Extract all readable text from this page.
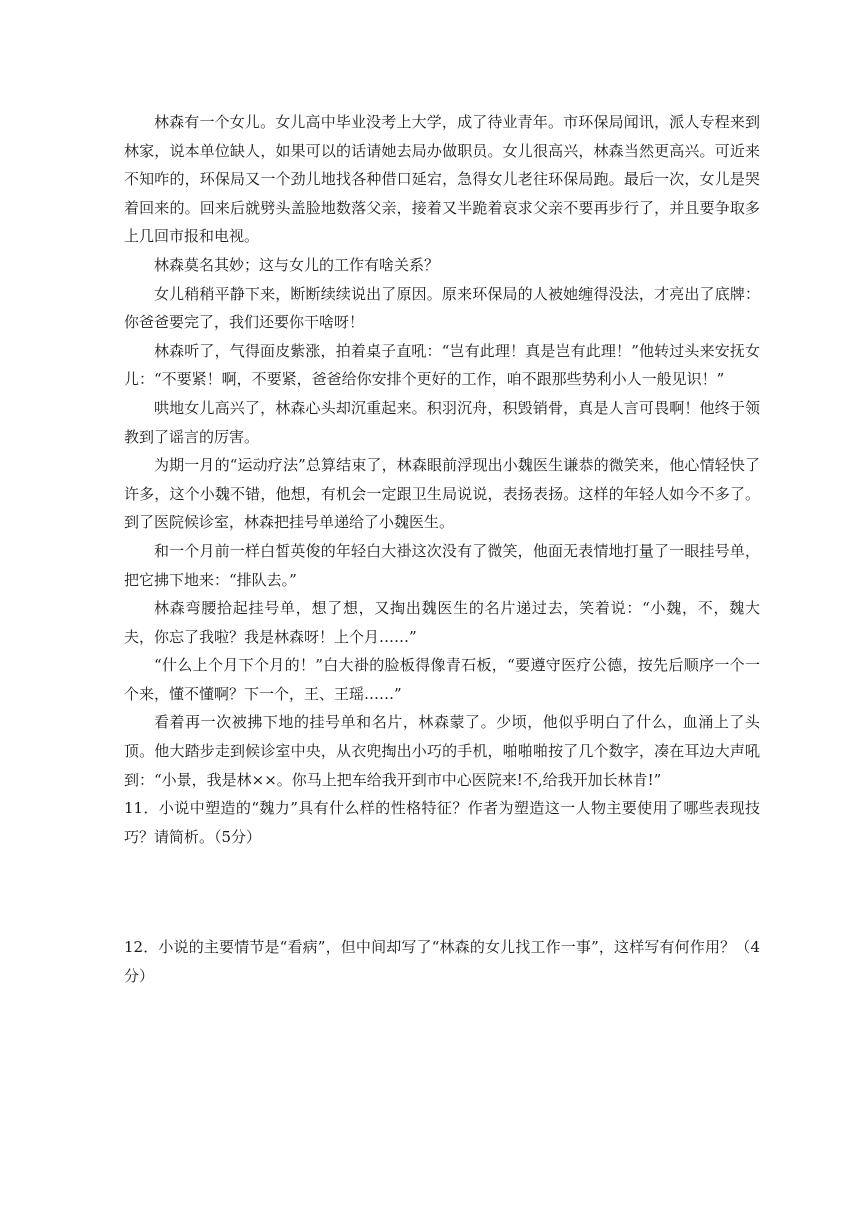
林森有一个女儿。女儿高中毕业没考上大学，成了待业青年。市环保局闻讯，派人专程来到林家，说本单位缺人，如果可以的话请她去局办做职员。女儿很高兴，林森当然更高兴。可近来不知咋的，环保局又一个劲儿地找各种借口延宕，急得女儿老往环保局跑。最后一次，女儿是哭着回来的。回来后就劈头盖脸地数落父亲，接着又半跪着哀求父亲不要再步行了，并且要争取多上几回市报和电视。

林森莫名其妙；这与女儿的工作有啥关系？

女儿稍稍平静下来，断断续续说出了原因。原来环保局的人被她缠得没法，才亮出了底牌：你爸爸要完了，我们还要你干啥呀！

林森听了，气得面皮紫涨，拍着桌子直吼：“岂有此理！真是岂有此理！”他转过头来安抚女儿：“不要紧！啊，不要紧，爸爸给你安排个更好的工作，咱不跟那些势利小人一般见识！”

哄地女儿高兴了，林森心头却沉重起来。积羽沉舟，积毁销骨，真是人言可畏啊！他终于领教到了谣言的厉害。

为期一月的“运动疗法”总算结束了，林森眼前浮现出小魏医生谦恭的微笑来，他心情轻快了许多，这个小魏不错，他想，有机会一定跟卫生局说说，表扬表扬。这样的年轻人如今不多了。到了医院候诊室，林森把挂号单递给了小魏医生。

和一个月前一样白皙英俊的年轻白大褂这次没有了微笑，他面无表情地打量了一眼挂号单，把它拂下地来：“排队去。”

林森弯腰拾起挂号单，想了想，又掏出魏医生的名片递过去，笑着说：“小魏，不，魏大夫，你忘了我啦？我是林森呀！上个月……”

“什么上个月下个月的！”白大褂的脸板得像青石板，“要遵守医疗公德，按先后顺序一个一个来，懂不懂啊？下一个，王、王瑶……”

看着再一次被拂下地的挂号单和名片，林森蒙了。少顷，他似乎明白了什么，血涌上了头顶。他大踏步走到候诊室中央，从衣兜掏出小巧的手机，啪啪啪按了几个数字，凑在耳边大声吼到：“小景，我是林××。你马上把车给我开到市中心医院来!不,给我开加长林肯!”

11．小说中塑造的“魏力”具有什么样的性格特征？作者为塑造这一人物主要使用了哪些表现技巧？请简析。（5分）

12．小说的主要情节是“看病”，但中间却写了“林森的女儿找工作一事”，这样写有何作用？（4分）
